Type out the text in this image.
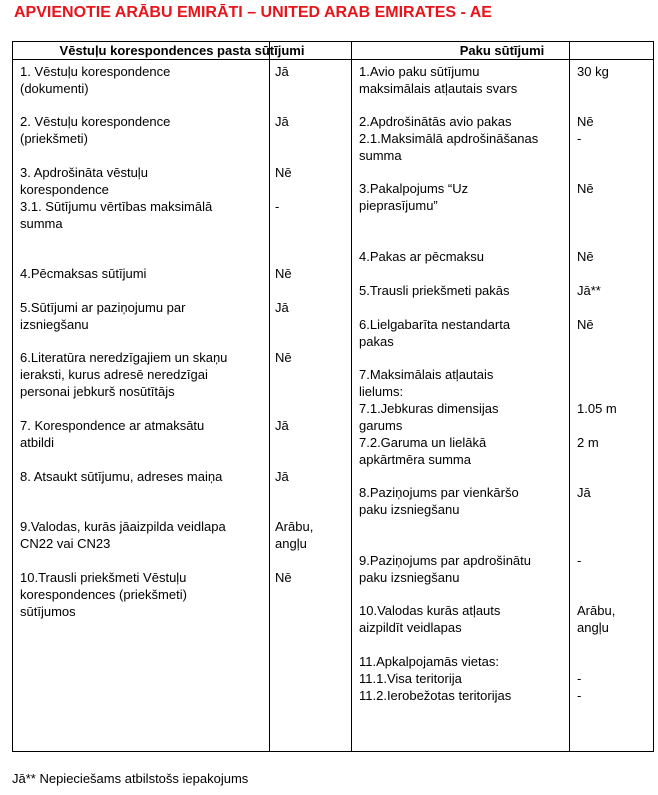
APVIENOTIE ARĀBU EMIRĀTI – UNITED ARAB EMIRATES - AE
Vēstuļu korespondences pasta sūtījumi	Paku sūtījumi
1. Vēstuļu korespondence
(dokumenti)
Jā
2. Vēstuļu korespondence
(priekšmeti)
Jā
3. Apdrošināta vēstuļu
korespondence
Nē
3.1. Sūtījumu vērtības maksimālā
summa
-
4.Pēcmaksas sūtījumi	Nē
5.Sūtījumi ar paziņojumu par
izsniegšanu
Jā
6.Literatūra neredzīgajiem un skaņu
ieraksti, kurus adresē neredzīgai
personai jebkurš nosūtītājs
Nē
7. Korespondence ar atmaksātu
atbildi
Jā
8. Atsaukt sūtījumu, adreses maiņa	Jā
9.Valodas, kurās jāaizpilda veidlapa
CN22 vai CN23
Arābu,
angļu
10.Trausli priekšmeti Vēstuļu
korespondences (priekšmeti)
sūtījumos
Nē
1.Avio paku sūtījumu
maksimālais atļautais svars
30 kg
2.Apdrošinātās avio pakas	Nē
2.1.Maksimālā apdrošināšanas
summa
-
3.Pakalpojums “Uz
pieprasījumu”
Nē
4.Pakas ar pēcmaksu	Nē
5.Trausli priekšmeti pakās	Jā**
6.Lielgabarīta nestandarta
pakas
Nē
7.Maksimālais atļautais
lielums:
7.1.Jebkuras dimensijas
garums
1.05 m
7.2.Garuma un lielākā
apkārtmēra summa
2 m
8.Paziņojums par vienkāršo
paku izsniegšanu
Jā
9.Paziņojums par apdrošinātu
paku izsniegšanu
-
10.Valodas kurās atļauts
aizpildīt veidlapas
Arābu,
angļu
11.Apkalpojamās vietas:
11.1.Visa teritorija	-
11.2.Ierobežotas teritorijas	-
Jā** Nepieciešams atbilstošs iepakojums
